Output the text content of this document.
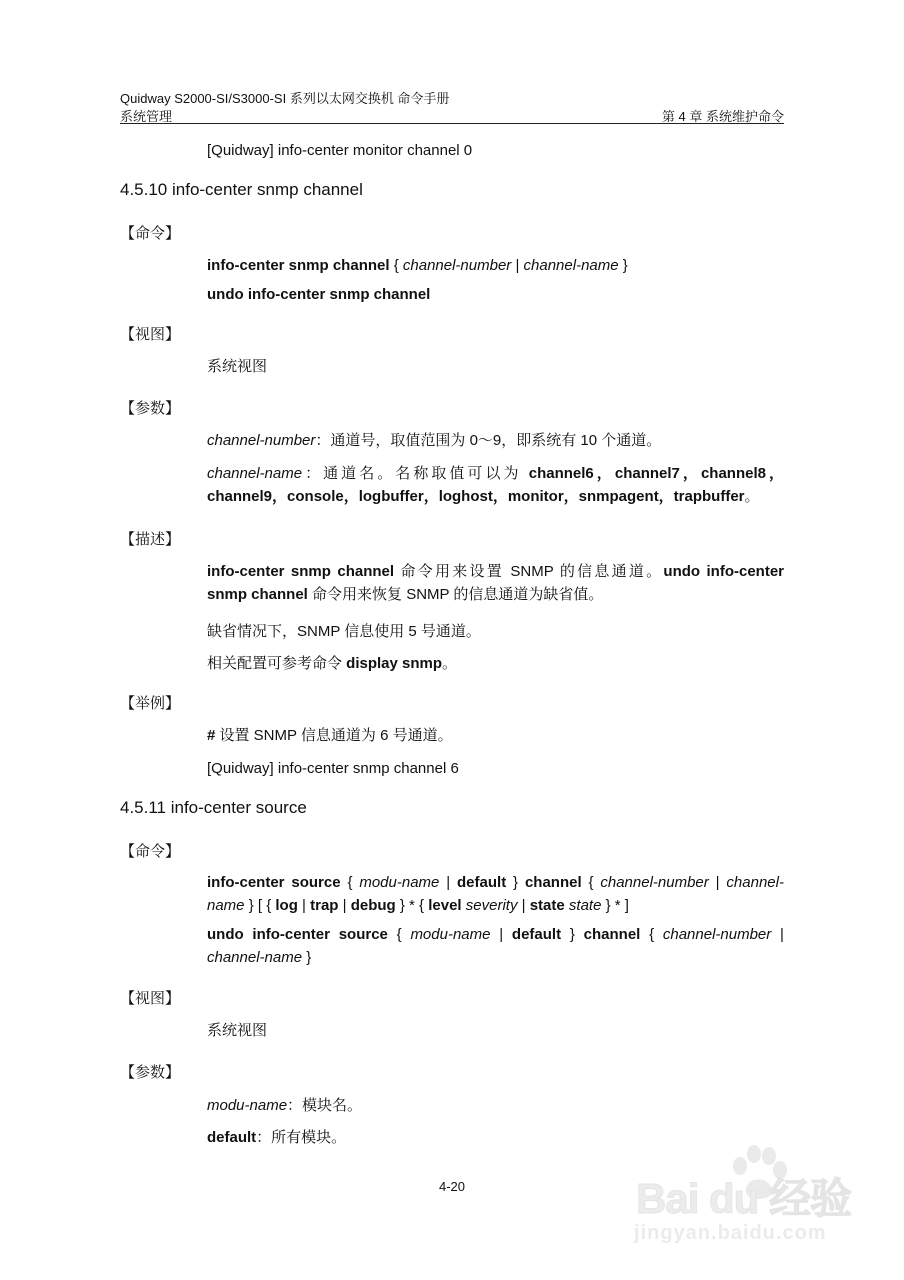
Quidway S2000-SI/S3000-SI 系列以太网交换机 命令手册
系统管理	第 4 章 系统维护命令
[Quidway] info-center monitor channel 0
4.5.10 info-center snmp channel
【命令】
info-center snmp channel { channel-number | channel-name }
undo info-center snmp channel
【视图】
系统视图
【参数】
channel-number：通道号，取值范围为 0～9，即系统有 10 个通道。
channel-name：通道名。名称取值可以为 channel6，channel7，channel8，channel9，console，logbuffer，loghost，monitor，snmpagent，trapbuffer。
【描述】
info-center snmp channel 命令用来设置 SNMP 的信息通道。undo info-center snmp channel 命令用来恢复 SNMP 的信息通道为缺省值。
缺省情况下，SNMP 信息使用 5 号通道。
相关配置可参考命令 display snmp。
【举例】
# 设置 SNMP 信息通道为 6 号通道。
[Quidway] info-center snmp channel 6
4.5.11 info-center source
【命令】
info-center source { modu-name | default } channel { channel-number | channel-name } [ { log | trap | debug } * { level severity | state state } * ]
undo info-center source { modu-name | default } channel { channel-number | channel-name }
【视图】
系统视图
【参数】
modu-name：模块名。
default：所有模块。
4-20	Bai du 经验
jingyan.baidu.com
